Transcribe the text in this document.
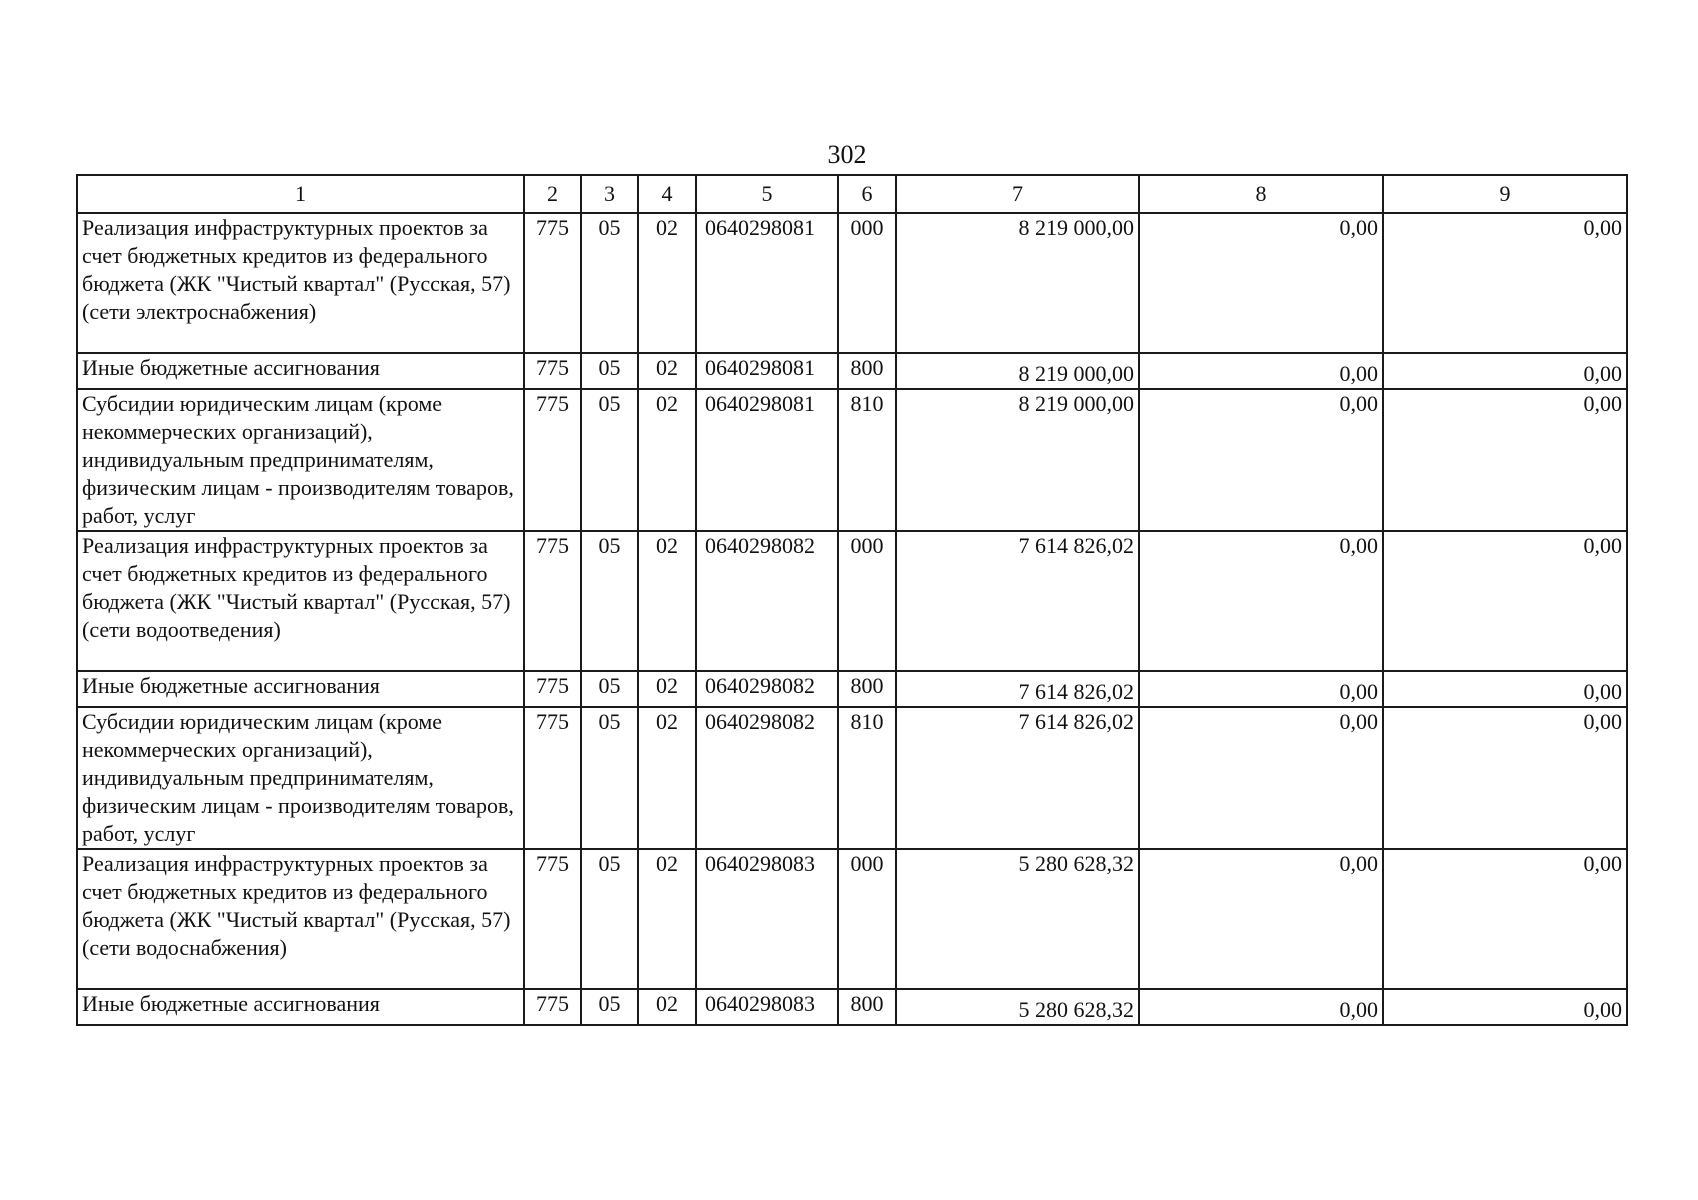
302
1	2	3	4	5	6	7	8	9
Реализация инфраструктурных проектов за счет бюджетных кредитов из федерального бюджета (ЖК "Чистый квартал" (Русская, 57) (сети электроснабжения)	775	05	02	0640298081	000	8 219 000,00	0,00	0,00
Иные бюджетные ассигнования	775	05	02	0640298081	800	8 219 000,00	0,00	0,00
Субсидии юридическим лицам (кроме некоммерческих организаций), индивидуальным предпринимателям, физическим лицам - производителям товаров, работ, услуг	775	05	02	0640298081	810	8 219 000,00	0,00	0,00
Реализация инфраструктурных проектов за счет бюджетных кредитов из федерального бюджета (ЖК "Чистый квартал" (Русская, 57) (сети водоотведения)	775	05	02	0640298082	000	7 614 826,02	0,00	0,00
Иные бюджетные ассигнования	775	05	02	0640298082	800	7 614 826,02	0,00	0,00
Субсидии юридическим лицам (кроме некоммерческих организаций), индивидуальным предпринимателям, физическим лицам - производителям товаров, работ, услуг	775	05	02	0640298082	810	7 614 826,02	0,00	0,00
Реализация инфраструктурных проектов за счет бюджетных кредитов из федерального бюджета (ЖК "Чистый квартал" (Русская, 57) (сети водоснабжения)	775	05	02	0640298083	000	5 280 628,32	0,00	0,00
Иные бюджетные ассигнования	775	05	02	0640298083	800	5 280 628,32	0,00	0,00
